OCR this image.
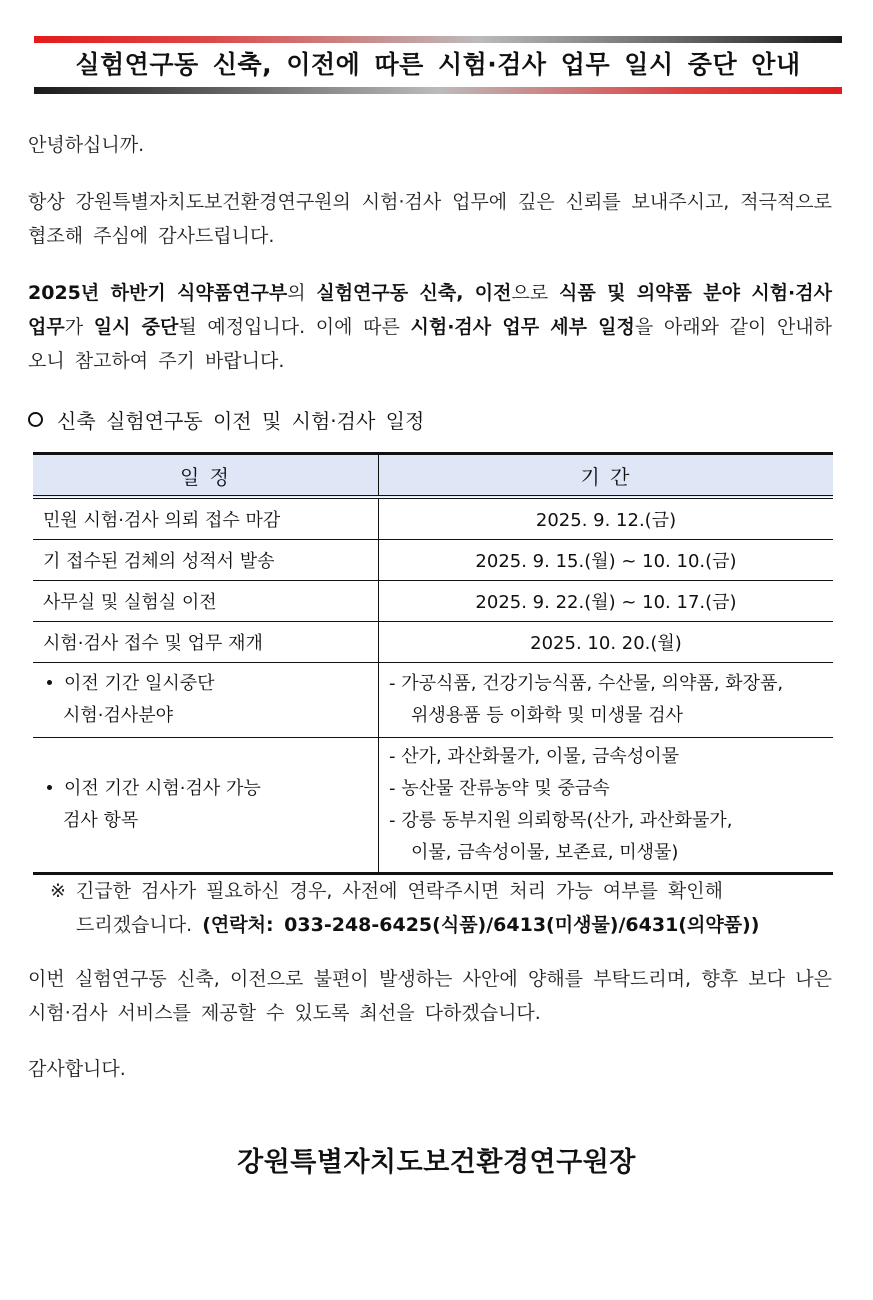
실험연구동 신축, 이전에 따른 시험·검사 업무 일시 중단 안내
안녕하십니까.
항상 강원특별자치도보건환경연구원의 시험·검사 업무에 깊은 신뢰를 보내주시고, 적극적으로 협조해 주심에 감사드립니다.
2025년 하반기 식약품연구부의 실험연구동 신축, 이전으로 식품 및 의약품 분야 시험·검사 업무가 일시 중단될 예정입니다. 이에 따른 시험·검사 업무 세부 일정을 아래와 같이 안내하오니 참고하여 주기 바랍니다.
신축 실험연구동 이전 및 시험·검사 일정
일 정	기 간
민원 시험·검사 의뢰 접수 마감	2025. 9. 12.(금)
기 접수된 검체의 성적서 발송	2025. 9. 15.(월) ~ 10. 10.(금)
사무실 및 실험실 이전	2025. 9. 22.(월) ~ 10. 17.(금)
시험·검사 접수 및 업무 재개	2025. 10. 20.(월)
이전 기간 일시중단
시험·검사분야	- 가공식품, 건강기능식품, 수산물, 의약품, 화장품,
위생용품 등 이화학 및 미생물 검사

이전 기간 시험·검사 가능
검사 항목	- 산가, 과산화물가, 이물, 금속성이물
- 농산물 잔류농약 및 중금속
- 강릉 동부지원 의뢰항목(산가, 과산화물가,
이물, 금속성이물, 보존료, 미생물)
※ 긴급한 검사가 필요하신 경우, 사전에 연락주시면 처리 가능 여부를 확인해
드리겠습니다. (연락처: 033-248-6425(식품)/6413(미생물)/6431(의약품))
이번 실험연구동 신축, 이전으로 불편이 발생하는 사안에 양해를 부탁드리며, 향후 보다 나은 시험·검사 서비스를 제공할 수 있도록 최선을 다하겠습니다.
감사합니다.
강원특별자치도보건환경연구원장
